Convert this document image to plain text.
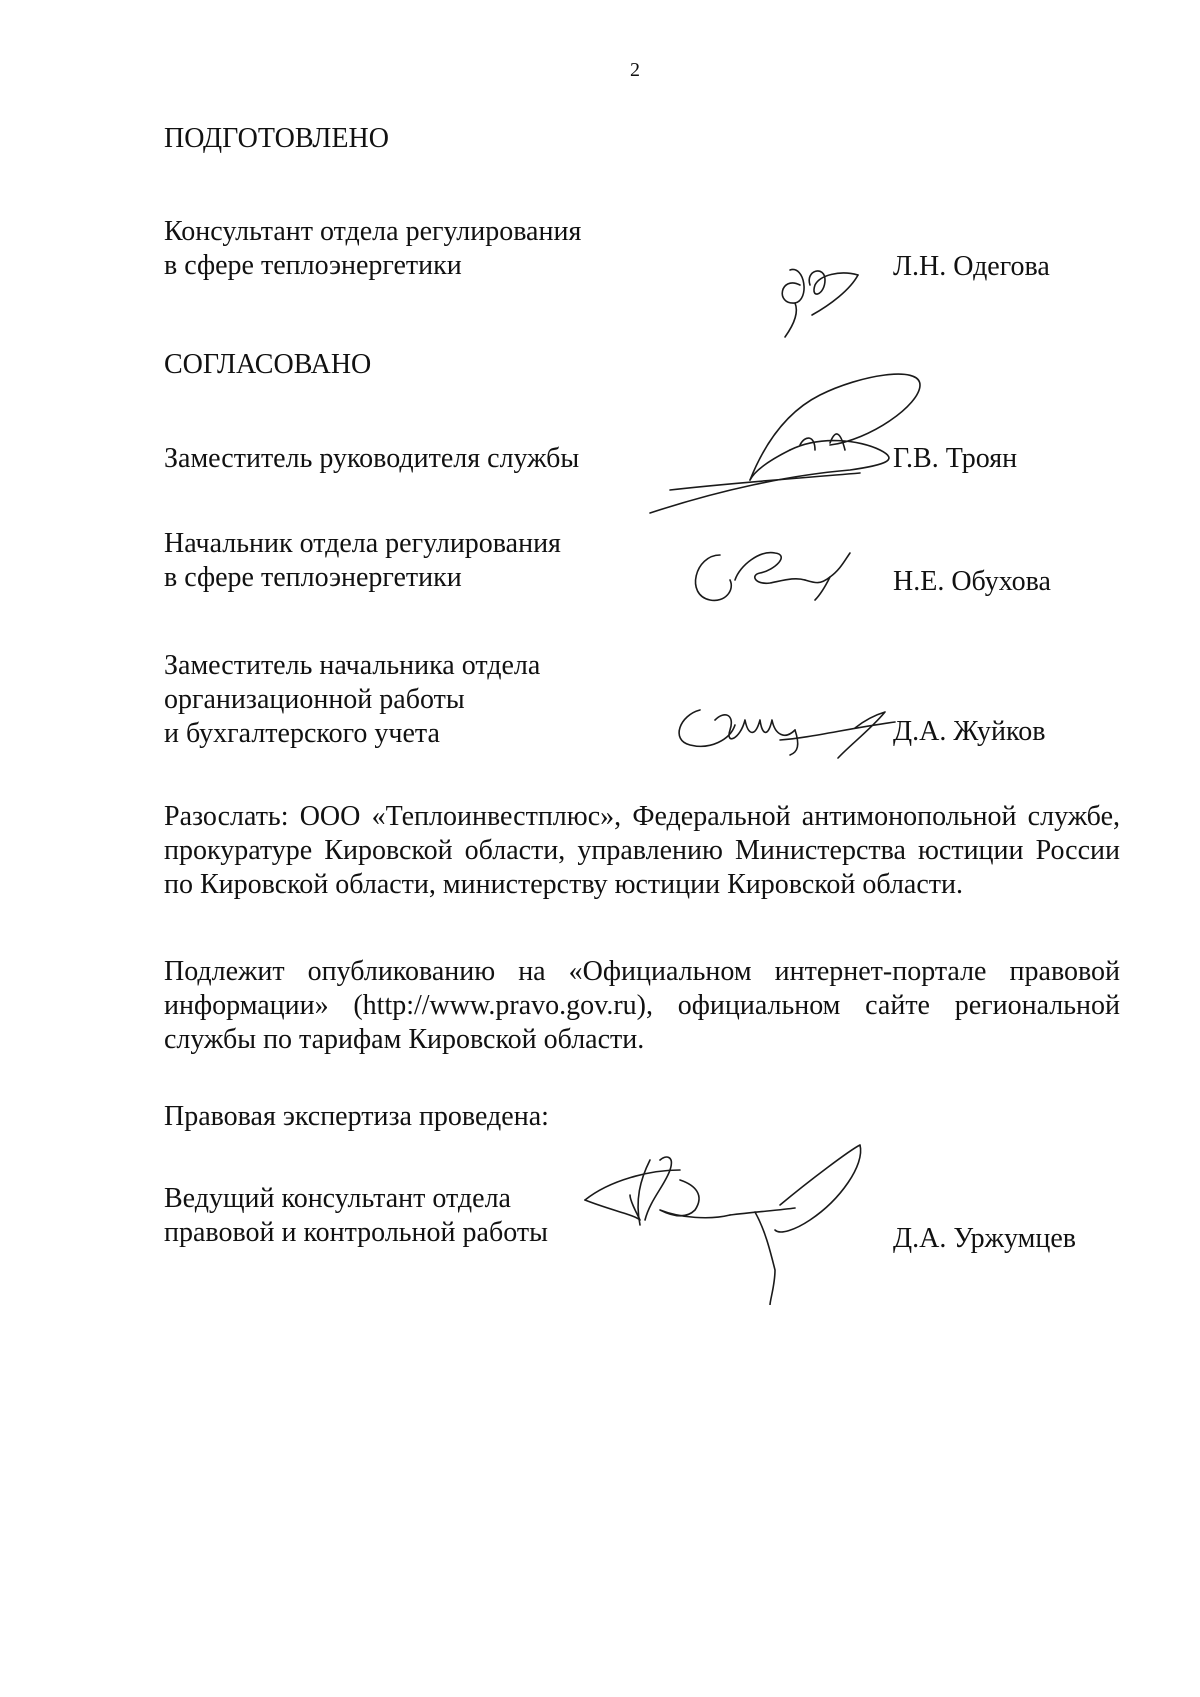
2
ПОДГОТОВЛЕНО
Консультант отдела регулирования
в сфере теплоэнергетики	Л.Н. Одегова
СОГЛАСОВАНО
Заместитель руководителя службы	Г.В. Троян
Начальник отдела регулирования
в сфере теплоэнергетики	Н.Е. Обухова
Заместитель начальника отдела
организационной работы
и бухгалтерского учета	Д.А. Жуйков
Разослать: ООО «Теплоинвестплюс», Федеральной антимонопольной службе, прокуратуре Кировской области, управлению Министерства юстиции России по Кировской области, министерству юстиции Кировской области.
Подлежит опубликованию на «Официальном интернет-портале правовой информации» (http://www.pravo.gov.ru), официальном сайте региональной службы по тарифам Кировской области.
Правовая экспертиза проведена:
Ведущий консультант отдела
правовой и контрольной работы	Д.А. Уржумцев
